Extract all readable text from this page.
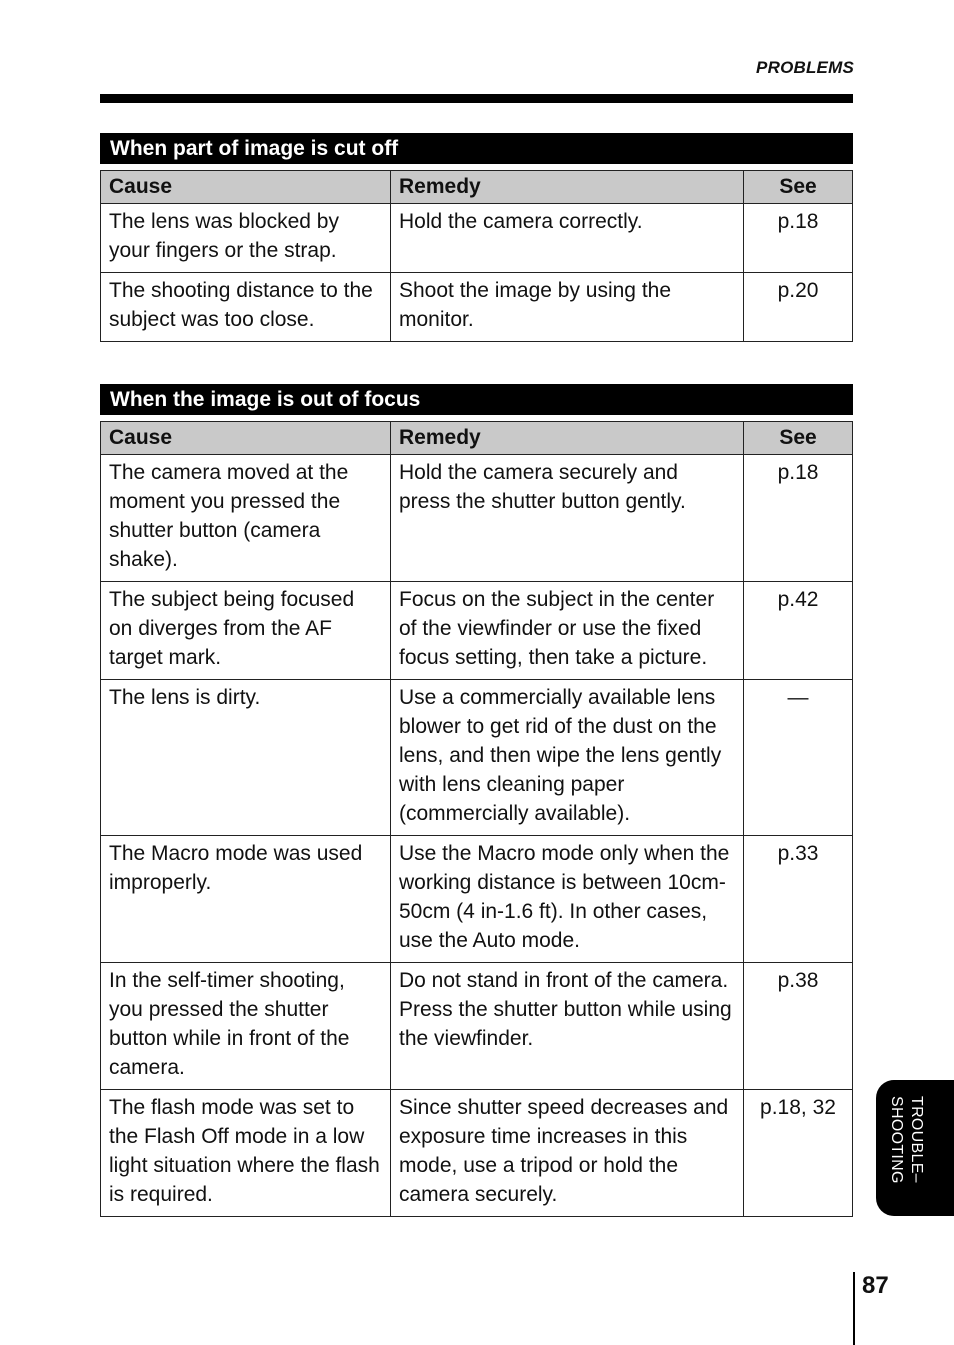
PROBLEMS
When part of image is cut off
Cause	Remedy	See
The lens was blocked by your fingers or the strap.	Hold the camera correctly.	p.18
The shooting distance to the subject was too close.	Shoot the image by using the monitor.	p.20
When the image is out of focus
Cause	Remedy	See
The camera moved at the moment you pressed the shutter button (camera shake).	Hold the camera securely and press the shutter button gently.	p.18
The subject being focused on diverges from the AF target mark.	Focus on the subject in the center of the viewfinder or use the fixed focus setting, then take a picture.	p.42
The lens is dirty.	Use a commercially available lens blower to get rid of the dust on the lens, and then wipe the lens gently with lens cleaning paper (commercially available).	—
The Macro mode was used improperly.	Use the Macro mode only when the working distance is between 10cm-50cm (4 in-1.6 ft). In other cases, use the Auto mode.	p.33
In the self-timer shooting, you pressed the shutter button while in front of the camera.	Do not stand in front of the camera. Press the shutter button while using the viewfinder.	p.38
The flash mode was set to the Flash Off mode in a low light situation where the flash is required.	Since shutter speed decreases and exposure time increases in this mode, use a tripod or hold the camera securely.	p.18, 32	TROUBLE–
SHOOTING
87
